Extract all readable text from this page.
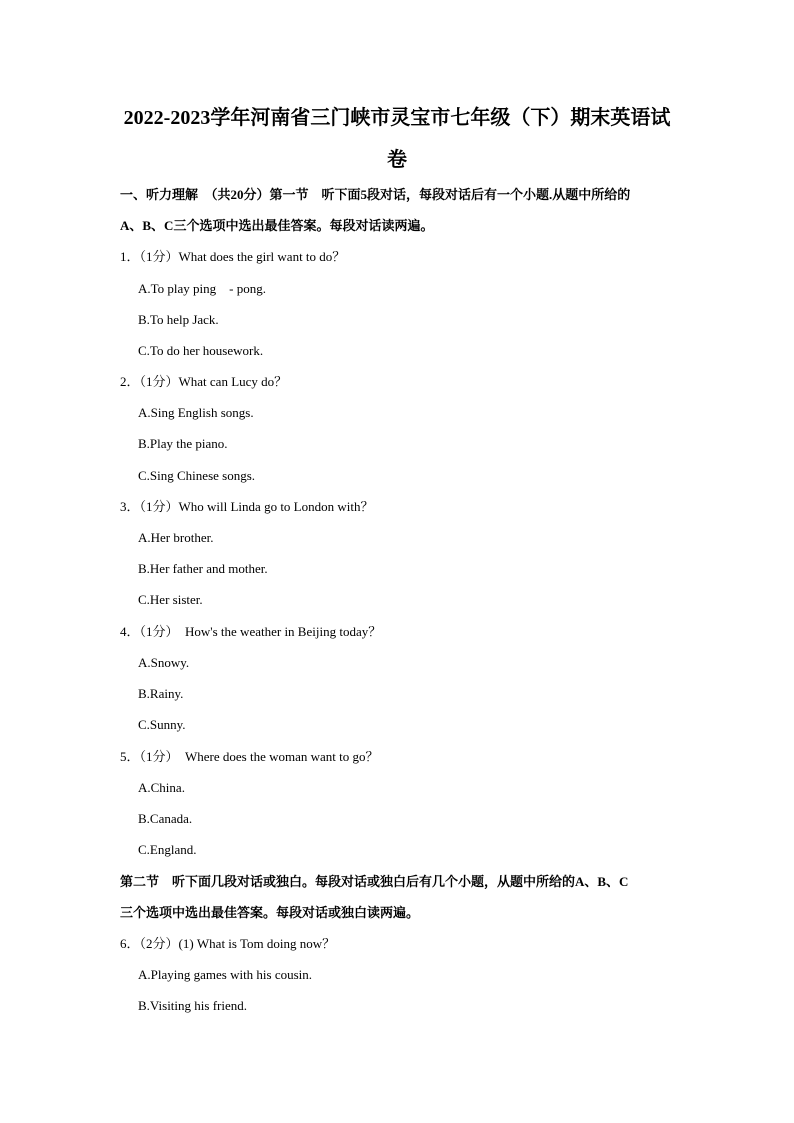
2022-2023学年河南省三门峡市灵宝市七年级（下）期末英语试
卷

一、听力理解　（共20分）第一节　听下面5段对话，每段对话后有一个小题.从题中所给的

A、B、C三个选项中选出最佳答案。每段对话读两遍。

1．（1分）What does the girl want to do？

A.To play ping　- pong.

B.To help Jack.

C.To do her housework.

2．（1分）What can Lucy do？

A.Sing English songs.

B.Play the piano.

C.Sing Chinese songs.

3．（1分）Who will Linda go to London with？

A.Her brother.

B.Her father and mother.

C.Her sister.

4．（1分）　How's the weather in Beijing today？

A.Snowy.

B.Rainy.

C.Sunny.

5．（1分）　Where does the woman want to go？

A.China.

B.Canada.

C.England.

第二节　听下面几段对话或独白。每段对话或独白后有几个小题，从题中所给的A、B、C

三个选项中选出最佳答案。每段对话或独白读两遍。

6．（2分）(1) What is Tom doing now？

A.Playing games with his cousin.

B.Visiting his friend.
